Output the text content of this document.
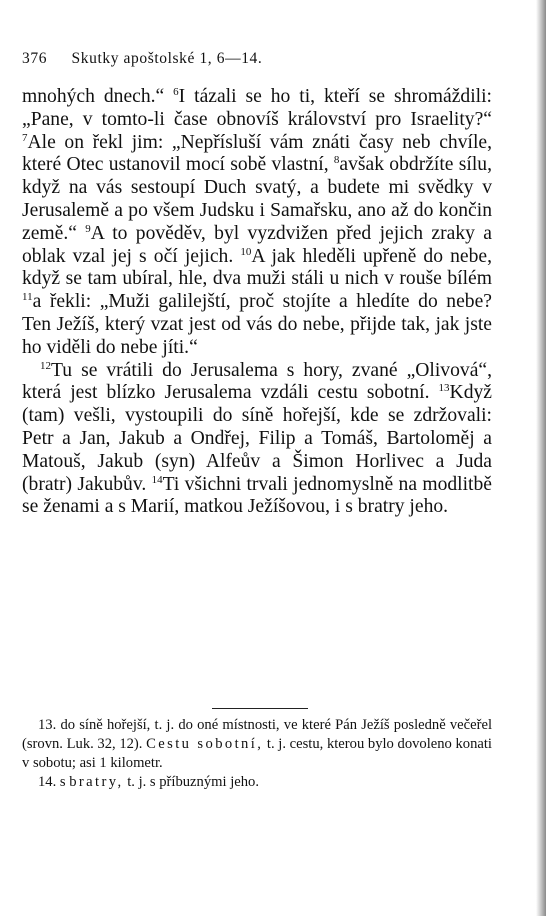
376 Skutky apoštolské 1, 6—14.

mnohých dnech.“ $^6$I tázali se ho ti, kteří se shromáždili: „Pane, v tomto-li čase obnovíš království pro Israelity?“ $^7$Ale on řekl jim: „Nepřísluší vám znáti časy neb chvíle, které Otec ustanovil mocí sobě vlastní, $^8$avšak obdržíte sílu, když na vás sestoupí Duch svatý, a budete mi svědky v Jerusalemě a po všem Judsku i Samařsku, ano až do končin země.“ $^9$A to pověděv, byl vyzdvižen před jejich zraky a oblak vzal jej s očí jejich. $^{10}$A jak hleděli upřeně do nebe, když se tam ubíral, hle, dva muži stáli u nich v rouše bílém $^{11}$a řekli: „Muži galilejští, proč stojíte a hledíte do nebe? Ten Ježíš, který vzat jest od vás do nebe, přijde tak, jak jste ho viděli do nebe jíti.“

$^{12}$Tu se vrátili do Jerusalema s hory, zvané „Olivová“, která jest blízko Jerusalema vzdáli cestu sobotní. $^{13}$Když (tam) vešli, vystoupili do síně hořejší, kde se zdržovali: Petr a Jan, Jakub a Ondřej, Filip a Tomáš, Bartoloměj a Matouš, Jakub (syn) Alfeův a Šimon Horlivec a Juda (bratr) Jakubův. $^{14}$Ti všichni trvali jednomyslně na modlitbě se ženami a s Marií, matkou Ježíšovou, i s bratry jeho.

13. do síně hořejší, t. j. do oné místnosti, ve které Pán Ježíš posledně večeřel (srovn. Luk. 32, 12). Cestu sobotní, t. j. cestu, kterou bylo dovoleno konati v sobotu; asi 1 kilometr.

14. s bratry, t. j. s příbuznými jeho.
